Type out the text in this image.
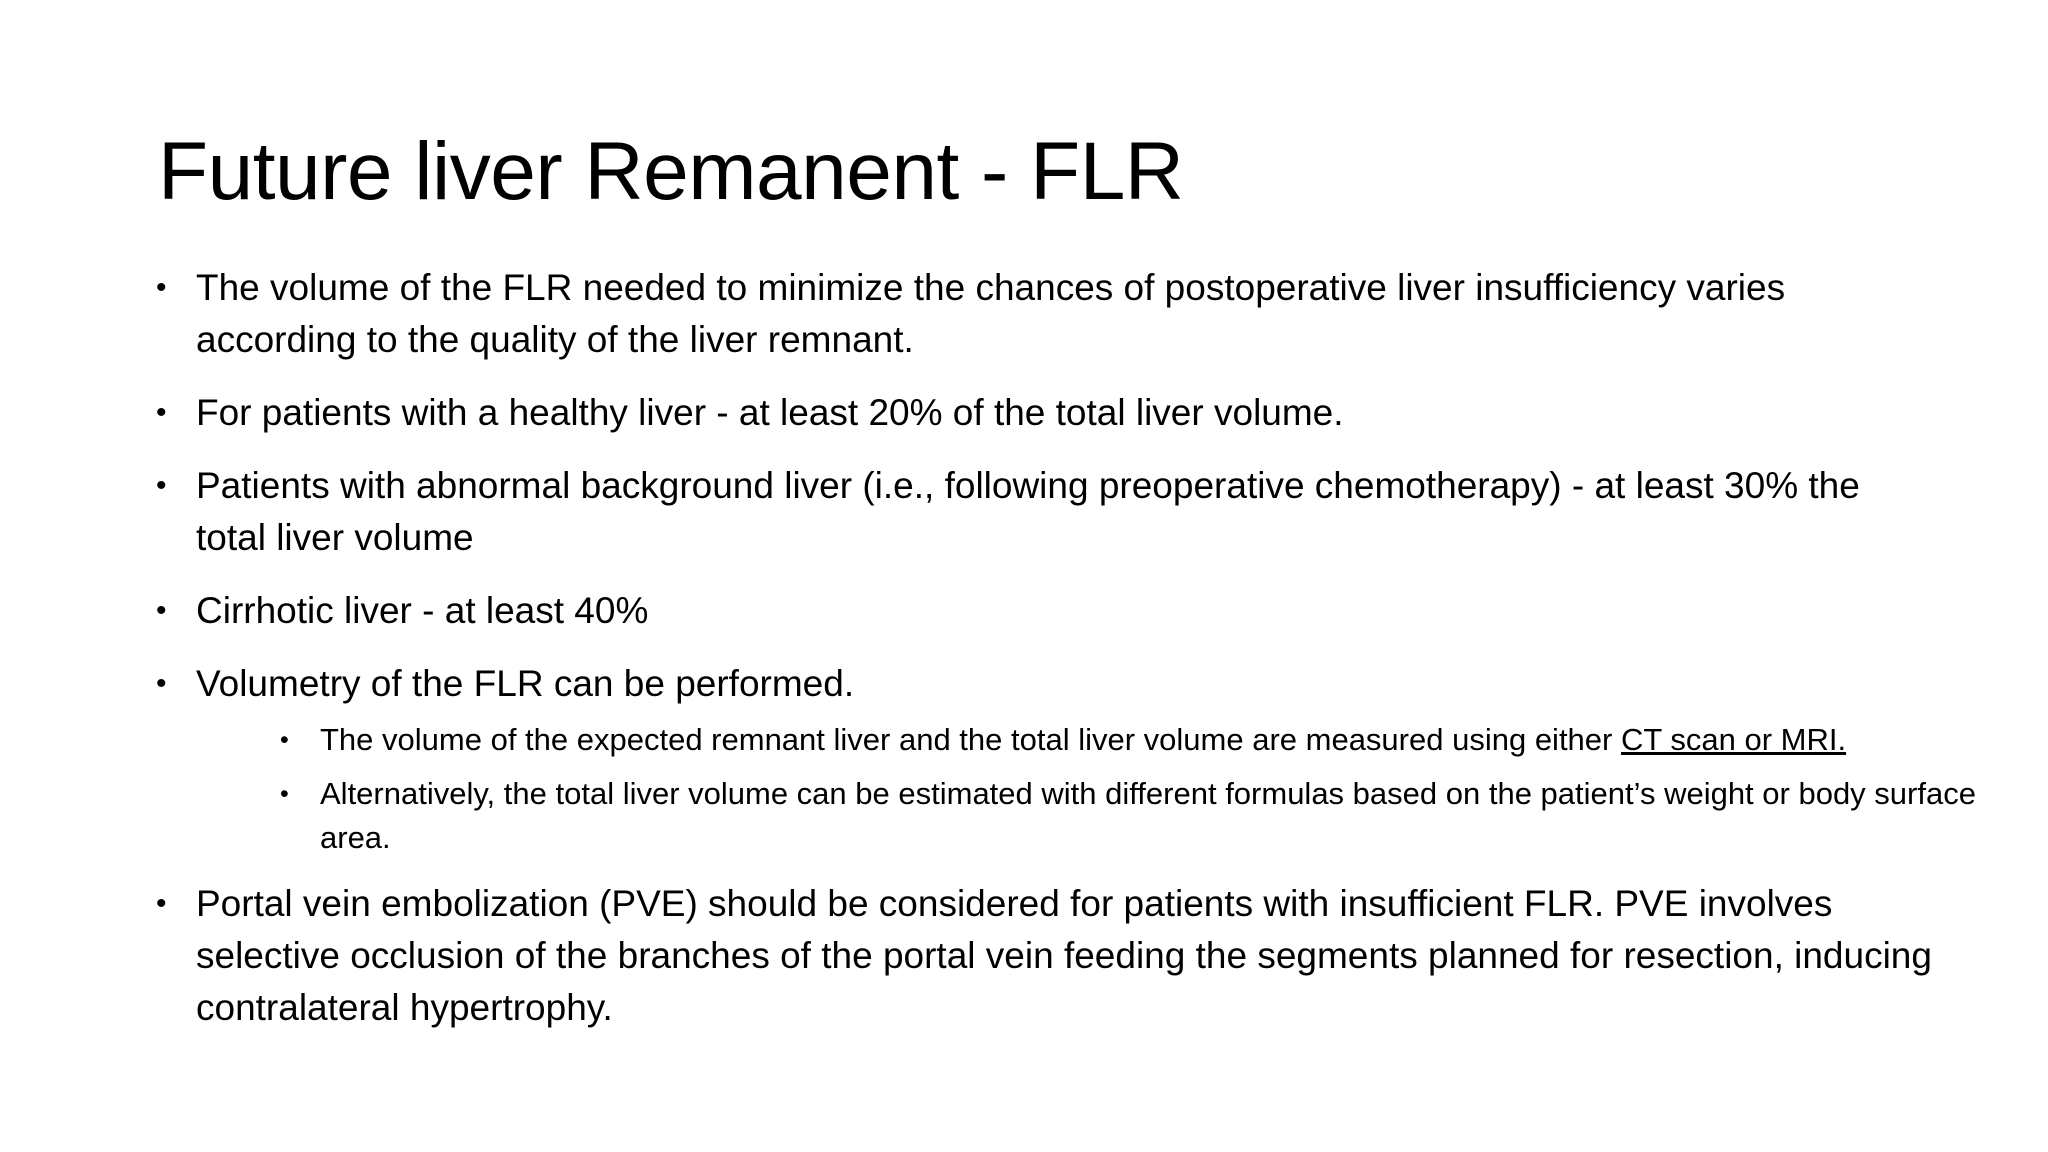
Future liver Remanent - FLR
• The volume of the FLR needed to minimize the chances of postoperative liver insufficiency varies according to the quality of the liver remnant.
• For patients with a healthy liver - at least 20% of the total liver volume.
• Patients with abnormal background liver (i.e., following preoperative chemotherapy) - at least 30% the total liver volume
• Cirrhotic liver - at least 40%
• Volumetry of the FLR can be performed.
• The volume of the expected remnant liver and the total liver volume are measured using either CT scan or MRI.
• Alternatively, the total liver volume can be estimated with different formulas based on the patient’s weight or body surface area.
• Portal vein embolization (PVE) should be considered for patients with insufficient FLR. PVE involves selective occlusion of the branches of the portal vein feeding the segments planned for resection, inducing contralateral hypertrophy.
